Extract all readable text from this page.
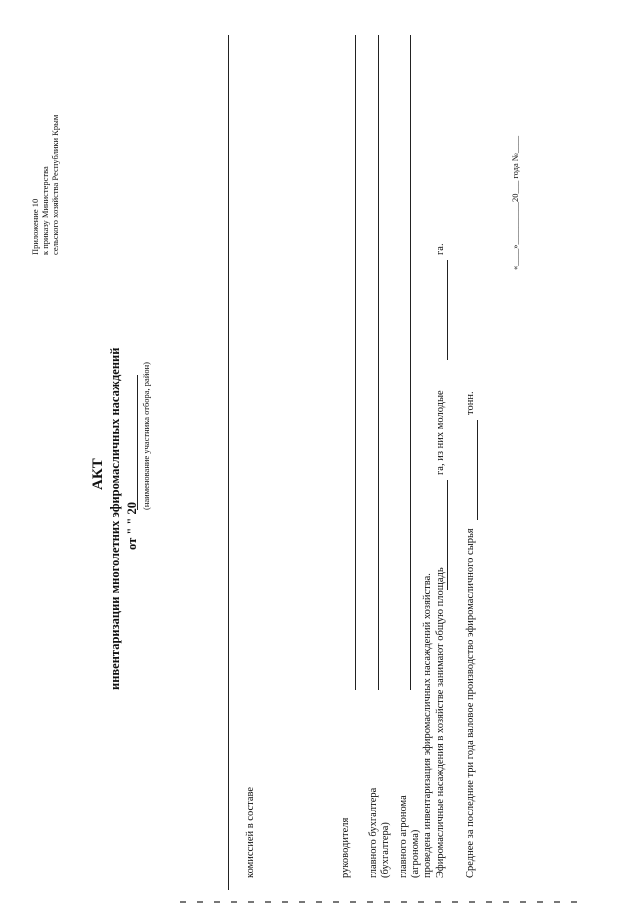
Приложение 10 к приказу Министерства сельского хозяйства Республики Крым
АКТ инвентаризации многолетних эфиромасличных насаждений от " " 20____
(наименование участника отбора, район)
комиссией в составе	руководителя главного бухгалтера (бухгалтера) главного агронома (агронома) проведена инвентаризация эфиромасличных насаждений хозяйства. Эфиромасличные насаждения в хозяйстве занимают общую площадь
га, из них молодые
га.
Среднее за последние три года валовое производство эфиромасличного сырья
тонн.
«____»__________20___ года №____
